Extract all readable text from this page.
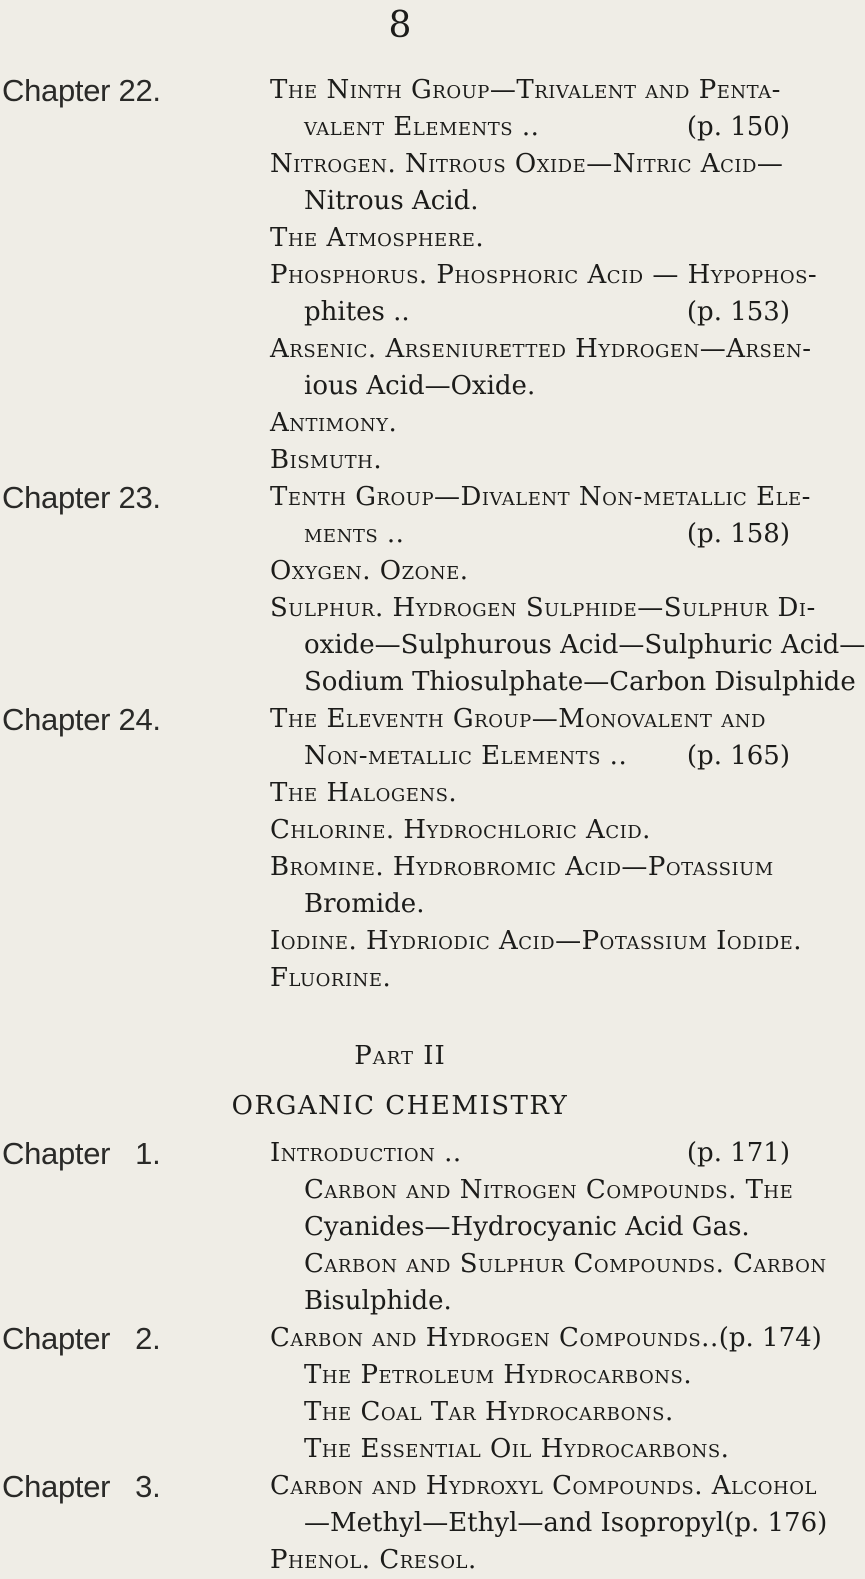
8
Chapter 22.	The Ninth Group—Trivalent and Penta-
valent Elements ..	(p. 150)
Nitrogen. Nitrous Oxide—Nitric Acid—
Nitrous Acid.
The Atmosphere.
Phosphorus. Phosphoric Acid — Hypophos-
phites ..	(p. 153)
Arsenic. Arseniuretted Hydrogen—Arsen-
ious Acid—Oxide.
Antimony.
Bismuth.
Chapter 23.	Tenth Group—Divalent Non-metallic Ele-
ments ..	(p. 158)
Oxygen. Ozone.
Sulphur. Hydrogen Sulphide—Sulphur Di-
oxide—Sulphurous Acid—Sulphuric Acid—
Sodium Thiosulphate—Carbon Disulphide
Chapter 24.	The Eleventh Group—Monovalent and
Non-metallic Elements .. (p. 165)
The Halogens.
Chlorine. Hydrochloric Acid.
Bromine. Hydrobromic Acid—Potassium
Bromide.
Iodine. Hydriodic Acid—Potassium Iodide.
Fluorine.
Part II
ORGANIC CHEMISTRY
Chapter   1.	Introduction ..	(p. 171)
Carbon and Nitrogen Compounds. The
Cyanides—Hydrocyanic Acid Gas.
Carbon and Sulphur Compounds. Carbon
Bisulphide.
Chapter   2.	Carbon and Hydrogen Compounds.. (p. 174)
The Petroleum Hydrocarbons.
The Coal Tar Hydrocarbons.
The Essential Oil Hydrocarbons.
Chapter   3.	Carbon and Hydroxyl Compounds. Alcohol
—Methyl—Ethyl—and Isopropyl (p. 176)
Phenol. Cresol.
